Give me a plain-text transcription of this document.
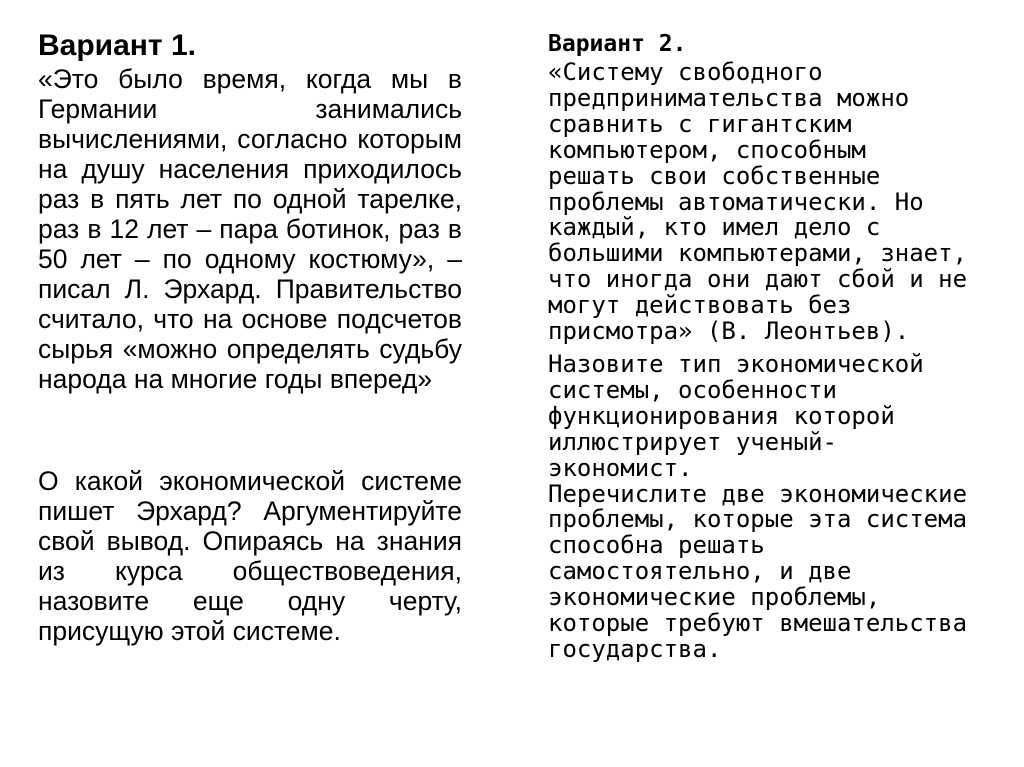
Вариант 1.

«Это было время, когда мы в Германии занимались вычислениями, согласно которым на душу населения приходилось раз в пять лет по одной тарелке, раз в 12 лет – пара ботинок, раз в 50 лет – по одному костюму», – писал Л. Эрхард. Правительство считало, что на основе подсчетов сырья «можно определять судьбу народа на многие годы вперед»

О какой экономической системе пишет Эрхард? Аргументируйте свой вывод. Опираясь на знания из курса обществоведения, назовите еще одну черту, присущую этой системе.

Вариант 2.

«Систему свободного
предпринимательства можно
сравнить с гигантским
компьютером, способным
решать свои собственные
проблемы автоматически. Но
каждый, кто имел дело с
большими компьютерами, знает,
что иногда они дают сбой и не
могут действовать без
присмотра» (В. Леонтьев).

Назовите тип экономической
системы, особенности
функционирования которой
иллюстрирует ученый-
экономист.
Перечислите две экономические
проблемы, которые эта система
способна решать
самостоятельно, и две
экономические проблемы,
которые требуют вмешательства
государства.
